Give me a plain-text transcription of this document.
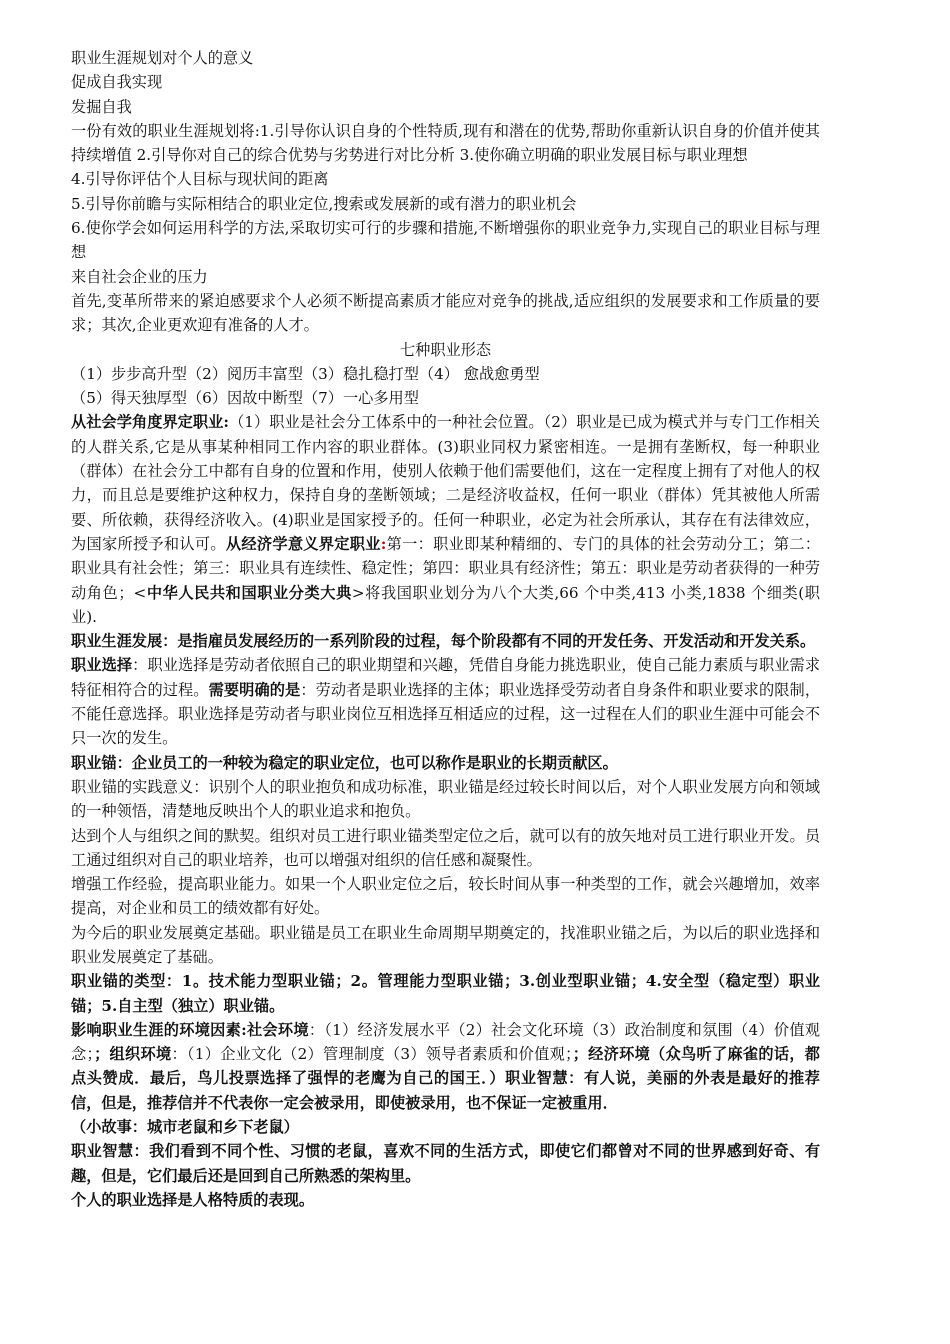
职业生涯规划对个人的意义

促成自我实现

发掘自我

一份有效的职业生涯规划将:1.引导你认识自身的个性特质,现有和潜在的优势,帮助你重新认识自身的价值并使其持续增值 2.引导你对自己的综合优势与劣势进行对比分析 3.使你确立明确的职业发展目标与职业理想

4.引导你评估个人目标与现状间的距离

5.引导你前瞻与实际相结合的职业定位,搜索或发展新的或有潜力的职业机会

6.使你学会如何运用科学的方法,采取切实可行的步骤和措施,不断增强你的职业竞争力,实现自己的职业目标与理想

来自社会企业的压力

首先,变革所带来的紧迫感要求个人必须不断提高素质才能应对竞争的挑战,适应组织的发展要求和工作质量的要求；其次,企业更欢迎有准备的人才。

七种职业形态

（1）步步高升型（2）阅历丰富型（3）稳扎稳打型（4） 愈战愈勇型

（5）得天独厚型（6）因故中断型（7）一心多用型

从社会学角度界定职业:（1）职业是社会分工体系中的一种社会位置。（2）职业是已成为模式并与专门工作相关的人群关系,它是从事某种相同工作内容的职业群体。(3)职业同权力紧密相连。一是拥有垄断权，每一种职业（群体）在社会分工中都有自身的位置和作用，使别人依赖于他们需要他们，这在一定程度上拥有了对他人的权力，而且总是要维护这种权力，保持自身的垄断领域；二是经济收益权，任何一职业（群体）凭其被他人所需要、所依赖，获得经济收入。(4)职业是国家授予的。任何一种职业，必定为社会所承认，其存在有法律效应，为国家所授予和认可。从经济学意义界定职业:第一：职业即某种精细的、专门的具体的社会劳动分工；第二：职业具有社会性；第三：职业具有连续性、稳定性；第四：职业具有经济性；第五：职业是劳动者获得的一种劳动角色；<中华人民共和国职业分类大典>将我国职业划分为八个大类,66 个中类,413 小类,1838 个细类(职业).

职业生涯发展：是指雇员发展经历的一系列阶段的过程，每个阶段都有不同的开发任务、开发活动和开发关系。

职业选择：职业选择是劳动者依照自己的职业期望和兴趣，凭借自身能力挑选职业，使自己能力素质与职业需求特征相符合的过程。需要明确的是：劳动者是职业选择的主体；职业选择受劳动者自身条件和职业要求的限制，不能任意选择。职业选择是劳动者与职业岗位互相选择互相适应的过程，这一过程在人们的职业生涯中可能会不只一次的发生。

职业锚：企业员工的一种较为稳定的职业定位，也可以称作是职业的长期贡献区。

职业锚的实践意义：识别个人的职业抱负和成功标准，职业锚是经过较长时间以后，对个人职业发展方向和领域的一种领悟，清楚地反映出个人的职业追求和抱负。

达到个人与组织之间的默契。组织对员工进行职业锚类型定位之后，就可以有的放矢地对员工进行职业开发。员工通过组织对自己的职业培养，也可以增强对组织的信任感和凝聚性。

增强工作经验，提高职业能力。如果一个人职业定位之后，较长时间从事一种类型的工作，就会兴趣增加，效率提高，对企业和员工的绩效都有好处。

为今后的职业发展奠定基础。职业锚是员工在职业生命周期早期奠定的，找准职业锚之后，为以后的职业选择和职业发展奠定了基础。

职业锚的类型：1。技术能力型职业锚；2。管理能力型职业锚；3.创业型职业锚；4.安全型（稳定型）职业锚；5.自主型（独立）职业锚。

影响职业生涯的环境因素:社会环境：（1）经济发展水平（2）社会文化环境（3）政治制度和氛围（4）价值观念；；组织环境：（1）企业文化（2）管理制度（3）领导者素质和价值观；；经济环境（众鸟听了麻雀的话，都点头赞成．最后，鸟儿投票选择了强悍的老鹰为自己的国王．）职业智慧：有人说，美丽的外表是最好的推荐信，但是，推荐信并不代表你一定会被录用，即使被录用，也不保证一定被重用．

（小故事：城市老鼠和乡下老鼠）

职业智慧：我们看到不同个性、习惯的老鼠，喜欢不同的生活方式，即使它们都曾对不同的世界感到好奇、有趣，但是，它们最后还是回到自己所熟悉的架构里。

个人的职业选择是人格特质的表现。
